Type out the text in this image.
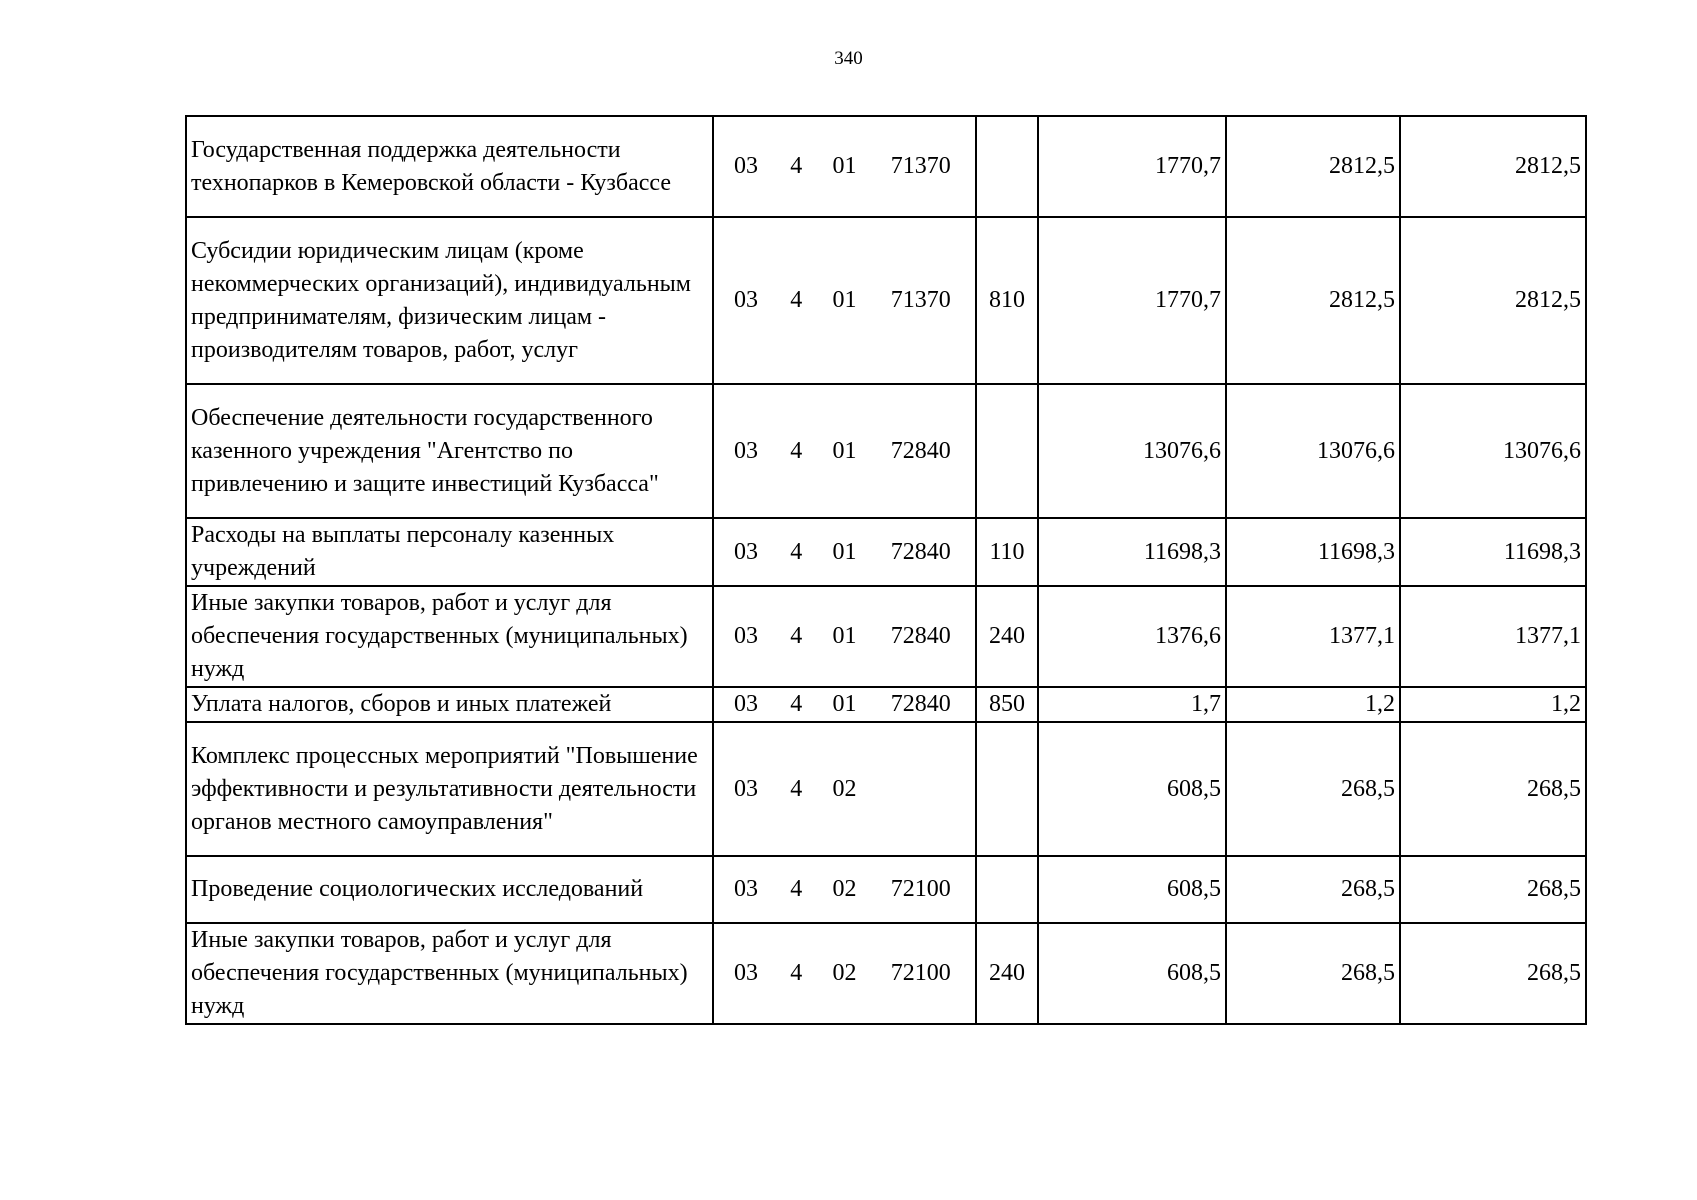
340
Государственная поддержка деятельности технопарков в Кемеровской области - Кузбассе	03 4 01 71370		1770,7	2812,5	2812,5
Субсидии юридическим лицам (кроме некоммерческих организаций), индивидуальным предпринимателям, физическим лицам - производителям товаров, работ, услуг	03 4 01 71370	810	1770,7	2812,5	2812,5
Обеспечение деятельности государственного казенного учреждения "Агентство по привлечению и защите инвестиций Кузбасса"	03 4 01 72840		13076,6	13076,6	13076,6
Расходы на выплаты персоналу казенных учреждений	03 4 01 72840	110	11698,3	11698,3	11698,3
Иные закупки товаров, работ и услуг для обеспечения государственных (муниципальных) нужд	03 4 01 72840	240	1376,6	1377,1	1377,1
Уплата налогов, сборов и иных платежей	03 4 01 72840	850	1,7	1,2	1,2
Комплекс процессных мероприятий "Повышение эффективности и результативности деятельности органов местного самоуправления"	03 4 02		608,5	268,5	268,5
Проведение социологических исследований	03 4 02 72100		608,5	268,5	268,5
Иные закупки товаров, работ и услуг для обеспечения государственных (муниципальных) нужд	03 4 02 72100	240	608,5	268,5	268,5
